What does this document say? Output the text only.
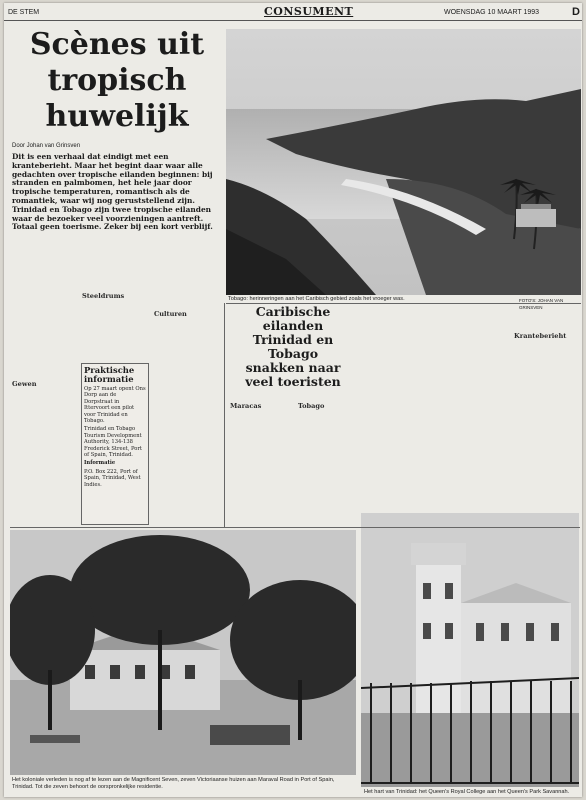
DE STEM	CONSUMENT	WOENSDAG 10 MAART 1993	D
Scènes uit
tropisch
huwelijk
Door Johan van Grinsven
Dit is een verhaal dat eindigt met een kranteberieht. Maar het begint daar waar alle gedachten over tropische eilanden beginnen: bij stranden en palmbomen, het hele jaar door tropische temperaturen, romantisch als de romantiek, waar wij nog geruststellend zijn. Trinidad en Tobago zijn twee tropische eilanden waar de bezoeker veel voorzieningen aantreft. Totaal geen toerisme. Zeker bij een kort verblijf.
Tobago: herinneringen aan het Caribisch gebied zoals het vroeger was.	FOTO'S: JOHAN VAN GRINSVEN
Caribische eilanden
Trinidad en Tobago
snakken naar
veel toeristen
Gewen
Steeldrums
Culturen
Maracas	Tobago
Kranteberieht
Praktische
informatie

Op 27 maart opent Ons Dorp aan de Dorpstraat in Ittervoort een pilot voor Trinidad en Tobago.

Trinidad en Tobago Tourism Development Authority, 134-138 Frederick Street, Port of Spain, Trinidad.

Informatie

P.O. Box 222, Port of Spain, Trinidad, West Indies.

Het koloniale verleden is nog af te lezen aan de Magnificent Seven, zeven Victoriaanse huizen aan Maraval Road in Port of Spain, Trinidad. Tot die zeven behoort de oorspronkelijke residentie.
Het hart van Trinidad: het Queen's Royal College aan het Queen's Park Savannah.
